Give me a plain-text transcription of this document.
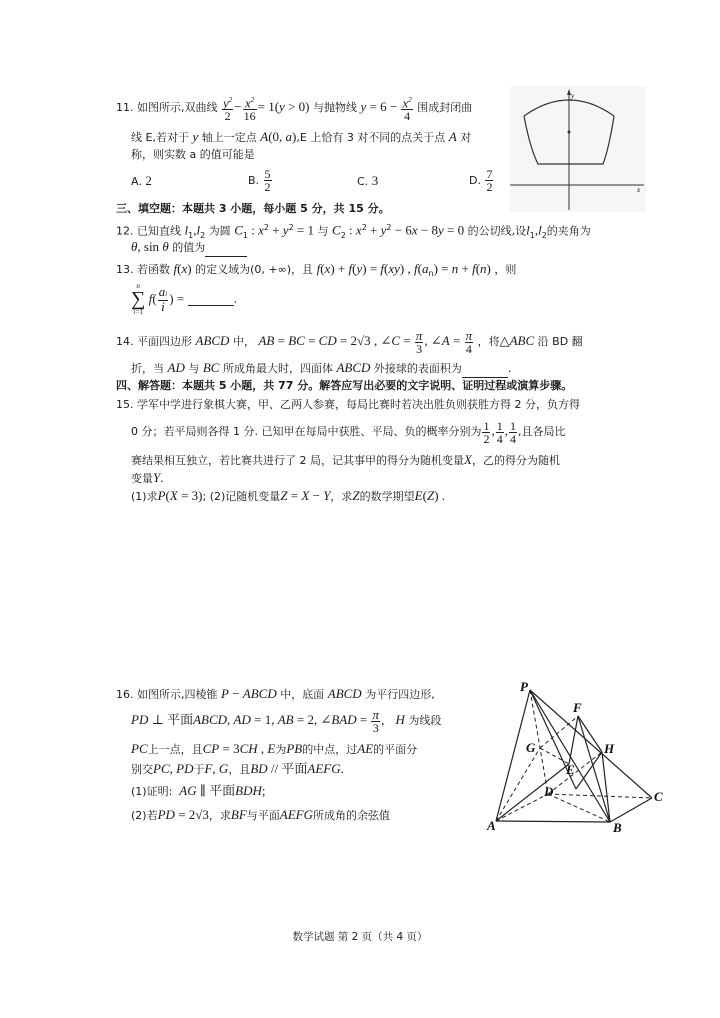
11. 如图所示,双曲线 $\frac{y^2}{2} - \frac{x^2}{16} = 1(y > 0)$ 与抛物线 $y = 6 - \frac{x^2}{4}$ 围成封闭曲
线 E,若对于 y 轴上一定点 A(0, a),E 上恰有 3 对不同的点关于点 A 对
称，则实数 a 的值可能是
A. 2	B. $\frac{5}{2}$	C. 3	D. $\frac{7}{2}$
y
x
三、填空题：本题共 3 小题，每小题 5 分，共 15 分。
12. 已知直线 $l_1,l_2$ 为圆 $C_1$ : $x^2 + y^2 = 1$ 与 $C_2$ : $x^2 + y^2 - 6x - 8y = 0$ 的公切线,设$l_1,l_2$的夹角为
θ, sin θ 的值为
13. 若函数 f(x) 的定义域为(0, +∞)，且 f(x) + f(y) = f(xy) , $f(a_n) = n + f(n)$ ，则
n
∑
i=1
$f( \frac{ai}{i}$ ) =	.
14. 平面四边形 ABCD 中， AB = BC = CD = 2√3 , ∠C = $\frac{\pi}{3}$ , ∠A = $\frac{\pi}{4}$ ，将△ABC 沿 BD 翻
折，当 AD 与 BC 所成角最大时，四面体 ABCD 外接球的表面积为	.
四、解答题：本题共 5 小题，共 77 分。解答应写出必要的文字说明、证明过程或演算步骤。
15. 学军中学进行象棋大赛，甲、乙两人参赛，每局比赛时若决出胜负则获胜方得 2 分，负方得
0 分；若平局则各得 1 分. 已知甲在每局中获胜、平局、负的概率分别为 $\frac{1}{2}$ , $\frac{1}{4}$ , $\frac{1}{4}$ ,且各局比
赛结果相互独立，若比赛共进行了 2 局，记其事甲的得分为随机变量X，乙的得分为随机
变量Y.
(1)求P(X = 3); (2)记随机变量Z = X − Y，求Z的数学期望E(Z) .
16. 如图所示,四棱锥 P − ABCD 中，底面 ABCD 为平行四边形,
PD ⊥ 平面ABCD, AD = 1, AB = 2, ∠BAD = $\frac{\pi}{3}$ ， H 为线段
PC上一点，且CP = 3CH , E为PB的中点，过AE的平面分
别交PC, PD于F, G，且BD // 平面AEFG.
(1)证明: AG ∥ 平面BDH;
(2)若PD = 2√3，求BF与平面AEFG所成角的余弦值
P
F
G	H
E
D	C
A	B
数学试题 第 2 页（共 4 页）
